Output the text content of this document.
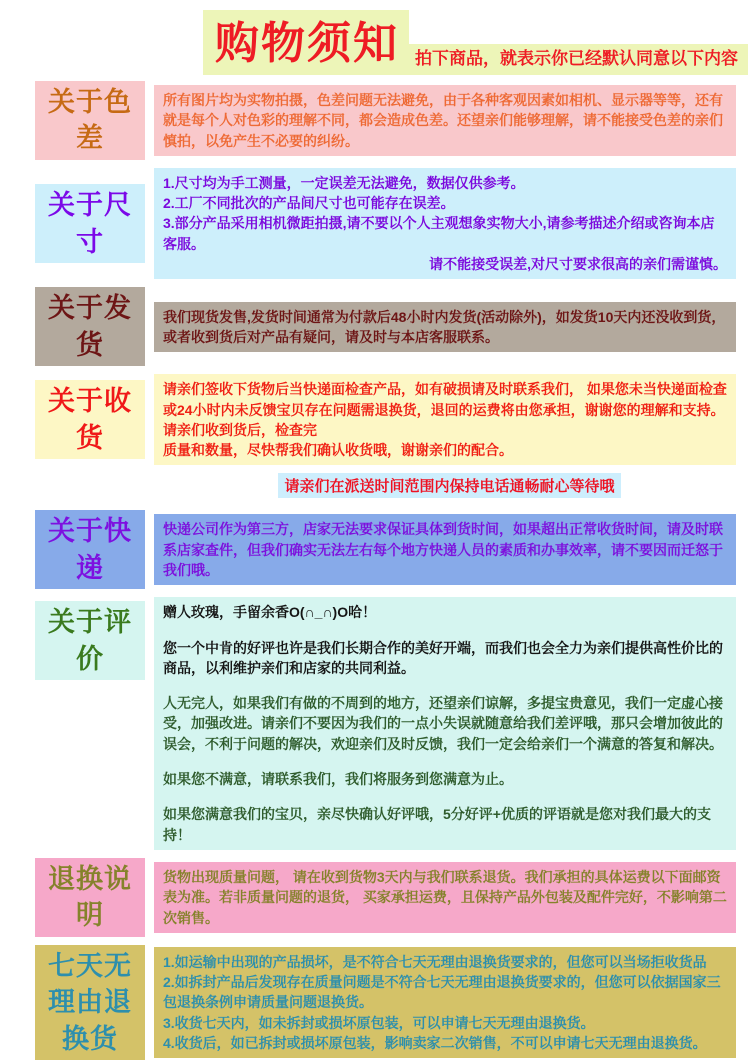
购物须知 拍下商品，就表示你已经默认同意以下内容
关于色差
所有图片均为实物拍摄，色差问题无法避免，由于各种客观因素如相机、显示器等等，还有就是每个人对色彩的理解不同，都会造成色差。还望亲们能够理解，请不能接受色差的亲们慎拍，以免产生不必要的纠纷。
关于尺寸
1.尺寸均为手工测量，一定误差无法避免，数据仅供参考。
2.工厂不同批次的产品间尺寸也可能存在误差。
3.部分产品采用相机微距拍摄,请不要以个人主观想象实物大小,请参考描述介绍或咨询本店客服。
请不能接受误差,对尺寸要求很高的亲们需谨慎。
关于发货
我们现货发售,发货时间通常为付款后48小时内发货(活动除外)，如发货10天内还没收到货，或者收到货后对产品有疑问，请及时与本店客服联系。
关于收货
请亲们签收下货物后当快递面检查产品，如有破损请及时联系我们， 如果您未当快递面检查或24小时内未反馈宝贝存在问题需退换货，退回的运费将由您承担，谢谢您的理解和支持。请亲们收到货后，检查完
质量和数量，尽快帮我们确认收货哦，谢谢亲们的配合。
请亲们在派送时间范围内保持电话通畅耐心等待哦
关于快递
快递公司作为第三方，店家无法要求保证具体到货时间，如果超出正常收货时间，请及时联系店家查件，但我们确实无法左右每个地方快递人员的素质和办事效率，请不要因而迁怒于我们哦。
关于评价

赠人玫瑰，手留余香O(∩_∩)O哈！

您一个中肯的好评也许是我们长期合作的美好开端，而我们也会全力为亲们提供高性价比的商品，以利维护亲们和店家的共同利益。

人无完人，如果我们有做的不周到的地方，还望亲们谅解，多提宝贵意见，我们一定虚心接受，加强改进。请亲们不要因为我们的一点小失误就随意给我们差评哦，那只会增加彼此的误会，不利于问题的解决，欢迎亲们及时反馈，我们一定会给亲们一个满意的答复和解决。

如果您不满意，请联系我们，我们将服务到您满意为止。

如果您满意我们的宝贝，亲尽快确认好评哦，5分好评+优质的评语就是您对我们最大的支持！

退换说明
货物出现质量问题， 请在收到货物3天内与我们联系退货。我们承担的具体运费以下面邮资表为准。若非质量问题的退货， 买家承担运费，且保持产品外包装及配件完好，不影响第二次销售。
七天无理由退换货
1.如运输中出现的产品损坏，是不符合七天无理由退换货要求的，但您可以当场拒收货品
2.如拆封产品后发现存在质量问题是不符合七天无理由退换货要求的，但您可以依据国家三包退换条例申请质量问题退换货。
3.收货七天内，如未拆封或损坏原包装，可以申请七天无理由退换货。
4.收货后，如已拆封或损坏原包装，影响卖家二次销售，不可以申请七天无理由退换货。
